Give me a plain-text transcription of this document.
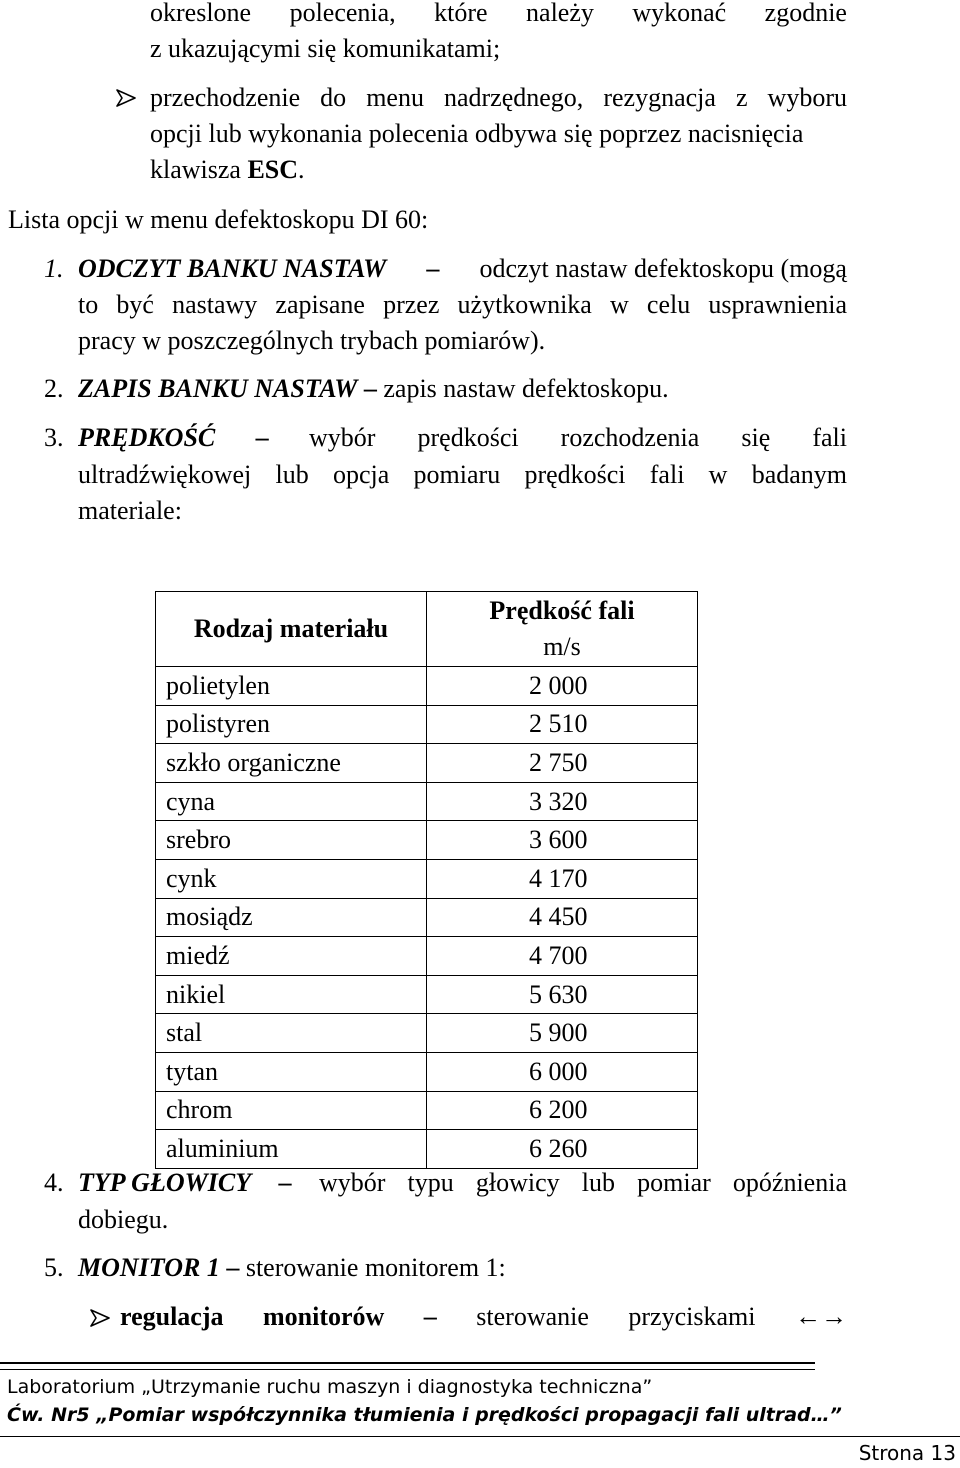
okreslone polecenia, które należy wykonać zgodnie
z ukazującymi się komunikatami;
przechodzenie do menu nadrzędnego, rezygnacja z wyboru
opcji lub wykonania polecenia odbywa się poprzez nacisnięcia
klawisza ESC.
Lista opcji w menu defektoskopu DI 60:
1. ODCZYT BANKU NASTAW – odczyt nastaw defektoskopu (mogą
to być nastawy zapisane przez użytkownika w celu usprawnienia
pracy w poszczególnych trybach pomiarów).
2. ZAPIS BANKU NASTAW – zapis nastaw defektoskopu.
3. PRĘDKOŚĆ – wybór prędkości rozchodzenia się fali
ultradźwiękowej lub opcja pomiaru prędkości fali w badanym
materiale:
Rodzaj materiału	Prędkość fali
m/s

polietylen	2 000
polistyren	2 510
szkło organiczne	2 750
cyna	3 320
srebro	3 600
cynk	4 170
mosiądz	4 450
miedź	4 700
nikiel	5 630
stal	5 900
tytan	6 000
chrom	6 200
aluminium	6 260
4. TYP GŁOWICY – wybór typu głowicy lub pomiar opóźnienia
dobiegu.
5. MONITOR 1 – sterowanie monitorem 1:
regulacja monitorów – sterowanie przyciskami ←→
Laboratorium „Utrzymanie ruchu maszyn i diagnostyka techniczna”
Ćw. Nr5 „Pomiar współczynnika tłumienia i prędkości propagacji fali ultrad…”
Strona 13
